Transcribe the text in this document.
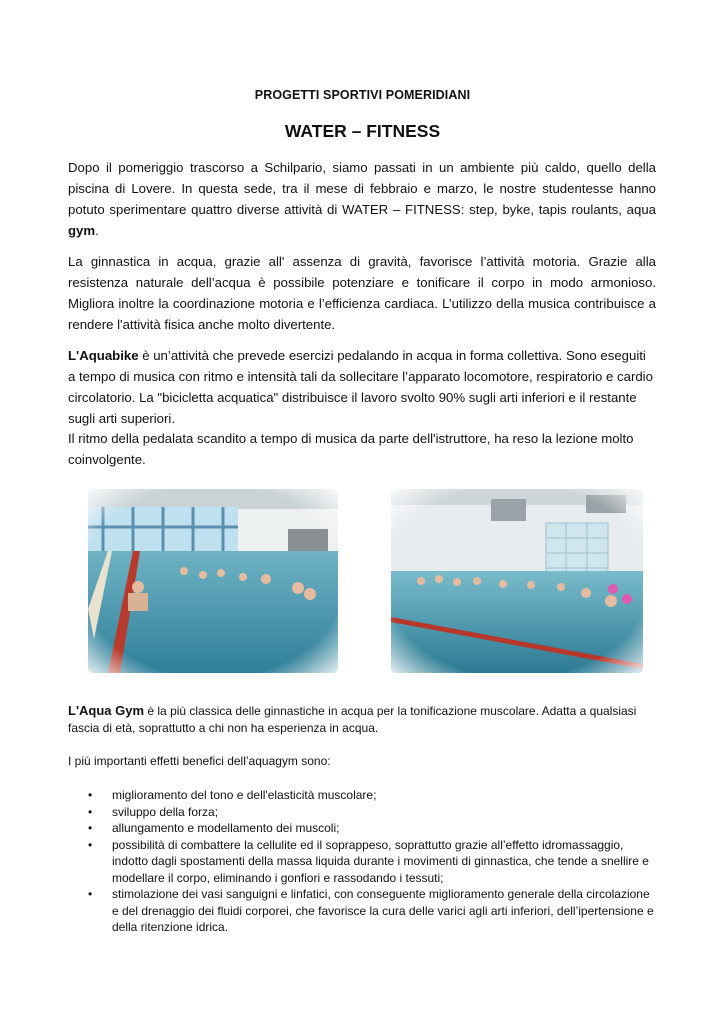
PROGETTI SPORTIVI POMERIDIANI
WATER – FITNESS

Dopo il pomeriggio trascorso a Schilpario, siamo passati in un ambiente più caldo, quello della piscina di Lovere. In questa sede, tra il mese di febbraio e marzo, le nostre studentesse hanno potuto sperimentare quattro diverse attività di WATER – FITNESS: step, byke, tapis roulants, aqua gym.

La ginnastica in acqua, grazie all' assenza di gravità, favorisce l’attività motoria. Grazie alla resistenza naturale dell’acqua è possibile potenziare e tonificare il corpo in modo armonioso. Migliora inoltre la coordinazione motoria e l’efficienza cardiaca. L’utilizzo della musica contribuisce a rendere l'attività fisica anche molto divertente.

L'Aquabike è un’attività che prevede esercizi pedalando in acqua in forma collettiva. Sono eseguiti a tempo di musica con ritmo e intensità tali da sollecitare l’apparato locomotore, respiratorio e cardio circolatorio. La "bicicletta acquatica" distribuisce il lavoro svolto 90% sugli arti inferiori e il restante sugli arti superiori.

Il ritmo della pedalata scandito a tempo di musica da parte dell'istruttore, ha reso la lezione molto coinvolgente.

L'Aqua Gym è la più classica delle ginnastiche in acqua per la tonificazione muscolare. Adatta a qualsiasi fascia di età, soprattutto a chi non ha esperienza in acqua.

I più importanti effetti benefici dell’aquagym sono:

• miglioramento del tono e dell'elasticità muscolare;
• sviluppo della forza;
• allungamento e modellamento dei muscoli;
• possibilità di combattere la cellulite ed il soprappeso, soprattutto grazie all’effetto idromassaggio, indotto dagli spostamenti della massa liquida durante i movimenti di ginnastica, che tende a snellire e modellare il corpo, eliminando i gonfiori e rassodando i tessuti;
• stimolazione dei vasi sanguigni e linfatici, con conseguente miglioramento generale della circolazione e del drenaggio dei fluidi corporei, che favorisce la cura delle varici agli arti inferiori, dell’ipertensione e della ritenzione idrica.
